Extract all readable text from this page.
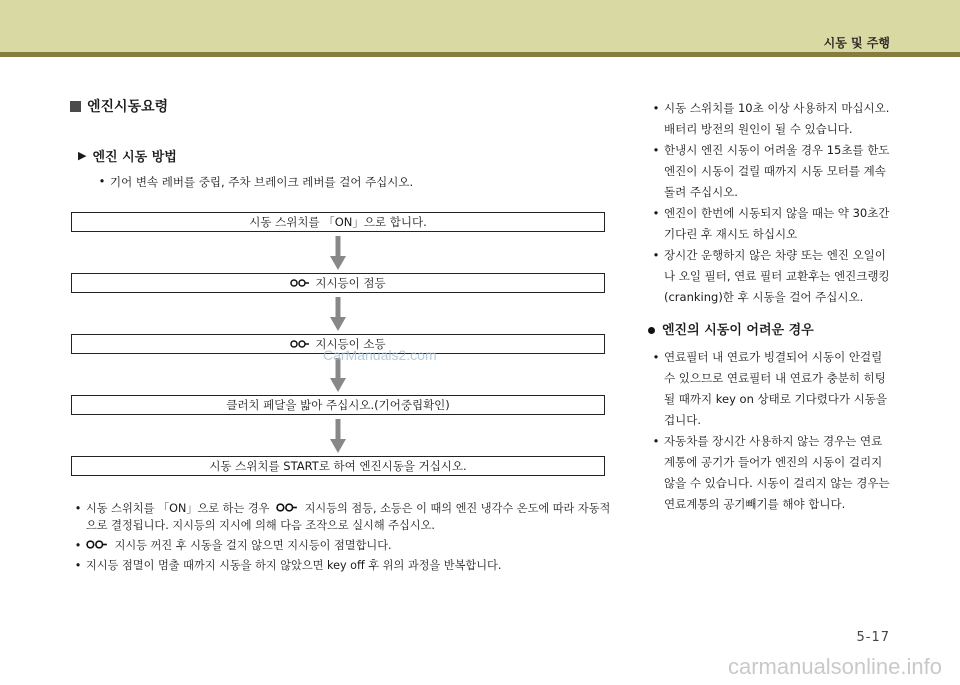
시동 및 주행
엔진시동요령
▶ 엔진 시동 방법
• 기어 변속 레버를 중립, 주차 브레이크 레버를 걸어 주십시오.
시동 스위치를 「ON」으로 합니다.
지시등이 점등
지시등이 소등
클러치 페달을 밟아 주십시오.(기어중립확인)
시동 스위치를 START로 하여 엔진시동을 거십시오.
• 시동 스위치를 「ON」으로 하는 경우	지시등의 점등, 소등은 이 때의 엔진 냉각수 온도에 따라 자동적으로 결정됩니다. 지시등의 지시에 의해 다음 조작으로 실시해 주십시오.
•	지시등 꺼진 후 시동을 걸지 않으면 지시등이 점멸합니다.
• 지시등 점멸이 멈출 때까지 시동을 하지 않았으면 key off 후 위의 과정을 반복합니다.
• 시동 스위치를 10초 이상 사용하지 마십시오. 배터리 방전의 원인이 될 수 있습니다.
• 한냉시 엔진 시동이 어려울 경우 15초를 한도 엔진이 시동이 걸릴 때까지 시동 모터를 계속 돌려 주십시오.
• 엔진이 한번에 시동되지 않을 때는 약 30초간 기다린 후 재시도 하십시오
• 장시간 운행하지 않은 차량 또는 엔진 오일이나 오일 필터, 연료 필터 교환후는 엔진크랭킹(cranking)한 후 시동을 걸어 주십시오.
엔진의 시동이 어려운 경우
• 연료필터 내 연료가 빙결되어 시동이 안걸릴 수 있으므로 연료필터 내 연료가 충분히 히팅될 때까지 key on 상태로 기다렸다가 시동을 겁니다.
• 자동차를 장시간 사용하지 않는 경우는 연료 계통에 공기가 들어가 엔진의 시동이 걸리지 않을 수 있습니다. 시동이 걸리지 않는 경우는 연료계통의 공기빼기를 해야 합니다.
5-17
CarManuals2.com
carmanualsonline.info
